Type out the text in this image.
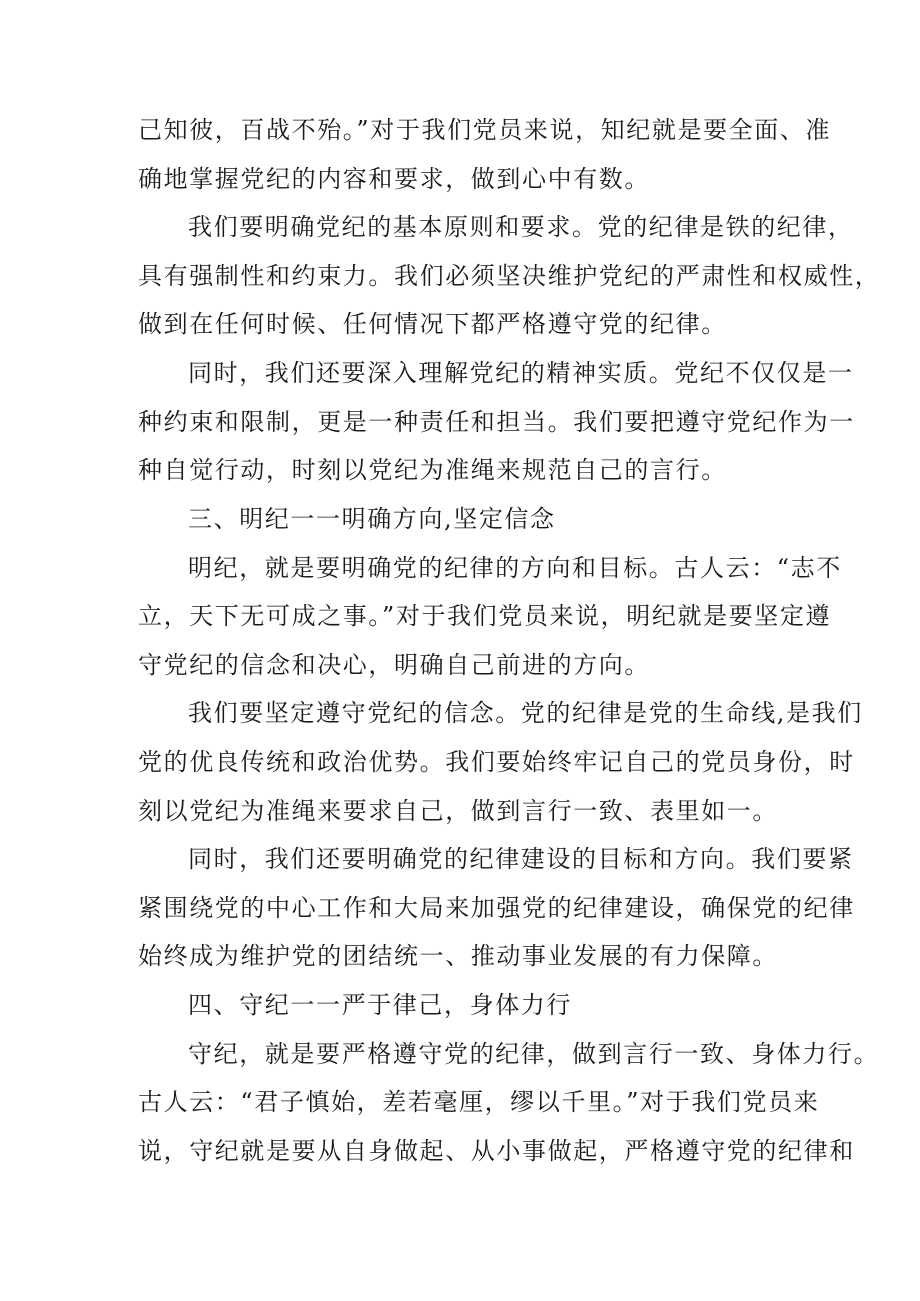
己知彼，百战不殆。”对于我们党员来说，知纪就是要全面、准
确地掌握党纪的内容和要求，做到心中有数。
我们要明确党纪的基本原则和要求。党的纪律是铁的纪律，
具有强制性和约束力。我们必须坚决维护党纪的严肃性和权威性，
做到在任何时候、任何情况下都严格遵守党的纪律。
同时，我们还要深入理解党纪的精神实质。党纪不仅仅是一
种约束和限制，更是一种责任和担当。我们要把遵守党纪作为一
种自觉行动，时刻以党纪为准绳来规范自己的言行。
三、明纪一一明确方向,坚定信念
明纪，就是要明确党的纪律的方向和目标。古人云：“志不
立，天下无可成之事。”对于我们党员来说，明纪就是要坚定遵
守党纪的信念和决心，明确自己前进的方向。
我们要坚定遵守党纪的信念。党的纪律是党的生命线,是我们
党的优良传统和政治优势。我们要始终牢记自己的党员身份，时
刻以党纪为准绳来要求自己，做到言行一致、表里如一。
同时，我们还要明确党的纪律建设的目标和方向。我们要紧
紧围绕党的中心工作和大局来加强党的纪律建设，确保党的纪律
始终成为维护党的团结统一、推动事业发展的有力保障。
四、守纪一一严于律己，身体力行
守纪，就是要严格遵守党的纪律，做到言行一致、身体力行。
古人云：“君子慎始，差若毫厘，缪以千里。”对于我们党员来
说，守纪就是要从自身做起、从小事做起，严格遵守党的纪律和
